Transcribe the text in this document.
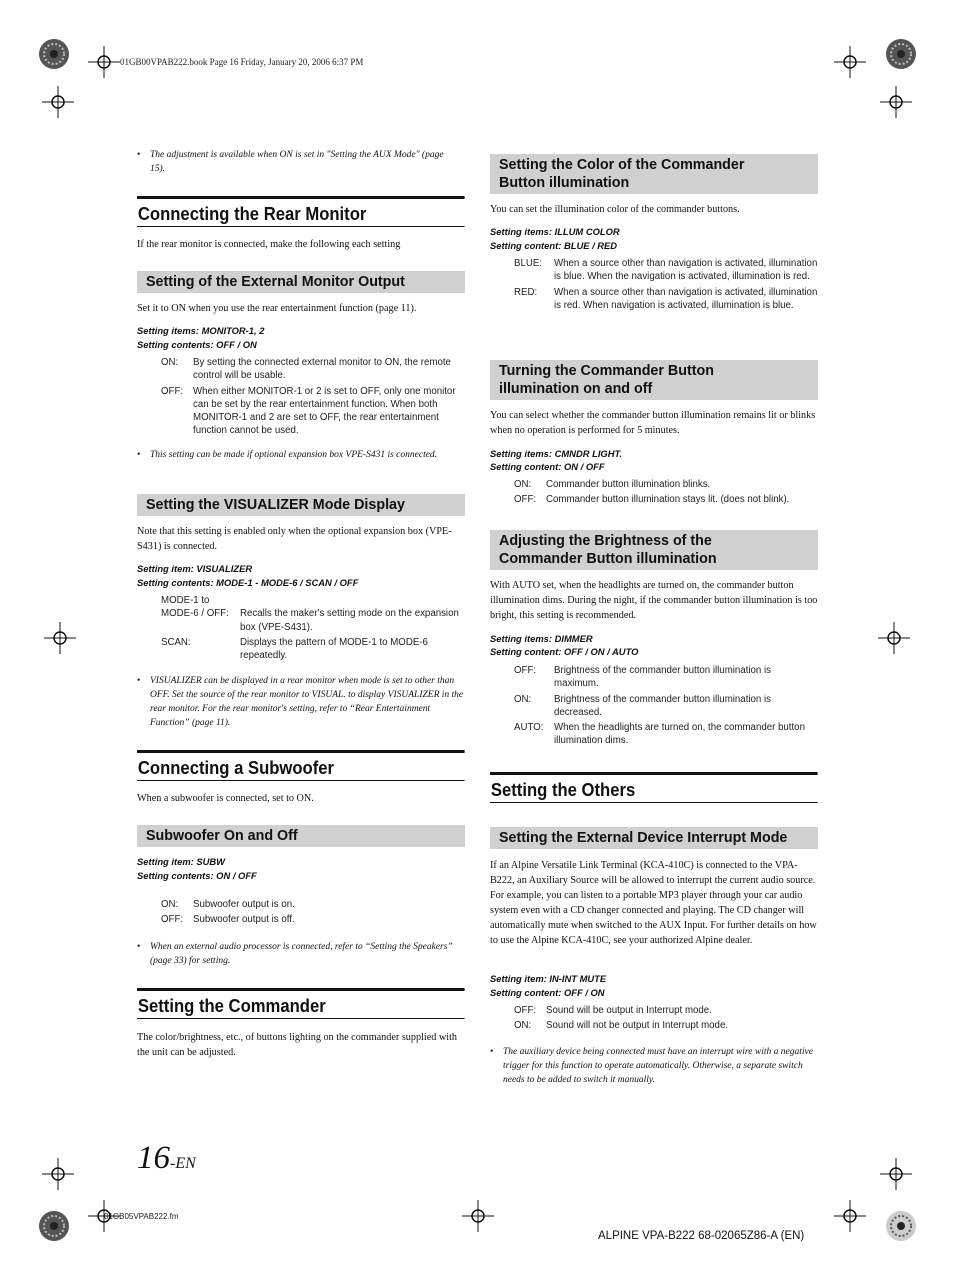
01GB00VPAB222.book Page 16 Friday, January 20, 2006 6:37 PM
• The adjustment is available when ON is set in "Setting the AUX Mode" (page 15).
Connecting the Rear Monitor
If the rear monitor is connected, make the following each setting
Setting of the External Monitor Output
Set it to ON when you use the rear entertainment function (page 11).
Setting items: MONITOR-1, 2
Setting contents: OFF / ON
ON:	By setting the connected external monitor to ON, the remote control will be usable.
OFF:	When either MONITOR-1 or 2 is set to OFF, only one monitor can be set by the rear entertainment function. When both MONITOR-1 and 2 are set to OFF, the rear entertainment function cannot be used.
• This setting can be made if optional expansion box VPE-S431 is connected.
Setting the VISUALIZER Mode Display
Note that this setting is enabled only when the optional expansion box (VPE-S431) is connected.
Setting item: VISUALIZER
Setting contents: MODE-1 - MODE-6 / SCAN / OFF
MODE-1 to
MODE-6 / OFF:	Recalls the maker's setting mode on the expansion box (VPE-S431).
SCAN:	Displays the pattern of MODE-1 to MODE-6 repeatedly.
• VISUALIZER can be displayed in a rear monitor when mode is set to other than OFF. Set the source of the rear monitor to VISUAL. to display VISUALIZER in the rear monitor. For the rear monitor's setting, refer to “Rear Entertainment Function” (page 11).
Connecting a Subwoofer
When a subwoofer is connected, set to ON.
Subwoofer On and Off
Setting item: SUBW
Setting contents: ON / OFF
ON:	Subwoofer output is on.
OFF:	Subwoofer output is off.
• When an external audio processor is connected, refer to “Setting the Speakers” (page 33) for setting.
Setting the Commander
The color/brightness, etc., of buttons lighting on the commander supplied with the unit can be adjusted.
Setting the Color of the Commander
Button illumination
You can set the illumination color of the commander buttons.
Setting items: ILLUM COLOR
Setting content: BLUE / RED
BLUE:	When a source other than navigation is activated, illumination is blue. When the navigation is activated, illumination is red.
RED:	When a source other than navigation is activated, illumination is red. When navigation is activated, illumination is blue.
Turning the Commander Button
illumination on and off
You can select whether the commander button illumination remains lit or blinks when no operation is performed for 5 minutes.
Setting items: CMNDR LIGHT.
Setting content: ON / OFF
ON:	Commander button illumination blinks.
OFF:	Commander button illumination stays lit. (does not blink).
Adjusting the Brightness of the
Commander Button illumination
With AUTO set, when the headlights are turned on, the commander button illumination dims. During the night, if the commander button illumination is too bright, this setting is recommended.
Setting items: DIMMER
Setting content: OFF / ON / AUTO
OFF:	Brightness of the commander button illumination is maximum.
ON:	Brightness of the commander button illumination is decreased.
AUTO:	When the headlights are turned on, the commander button illumination dims.
Setting the Others
Setting the External Device Interrupt Mode
If an Alpine Versatile Link Terminal (KCA-410C) is connected to the VPA-B222, an Auxiliary Source will be allowed to interrupt the current audio source. For example, you can listen to a portable MP3 player through your car audio system even with a CD changer connected and playing. The CD changer will automatically mute when switched to the AUX Input. For further details on how to use the Alpine KCA-410C, see your authorized Alpine dealer.
Setting item: IN-INT MUTE
Setting content: OFF / ON
OFF:	Sound will be output in Interrupt mode.
ON:	Sound will not be output in Interrupt mode.
• The auxiliary device being connected must have an interrupt wire with a negative trigger for this function to operate automatically. Otherwise, a separate switch needs to be added to switch it manually.
16-EN
01GB05VPAB222.fm
ALPINE VPA-B222 68-02065Z86-A (EN)
